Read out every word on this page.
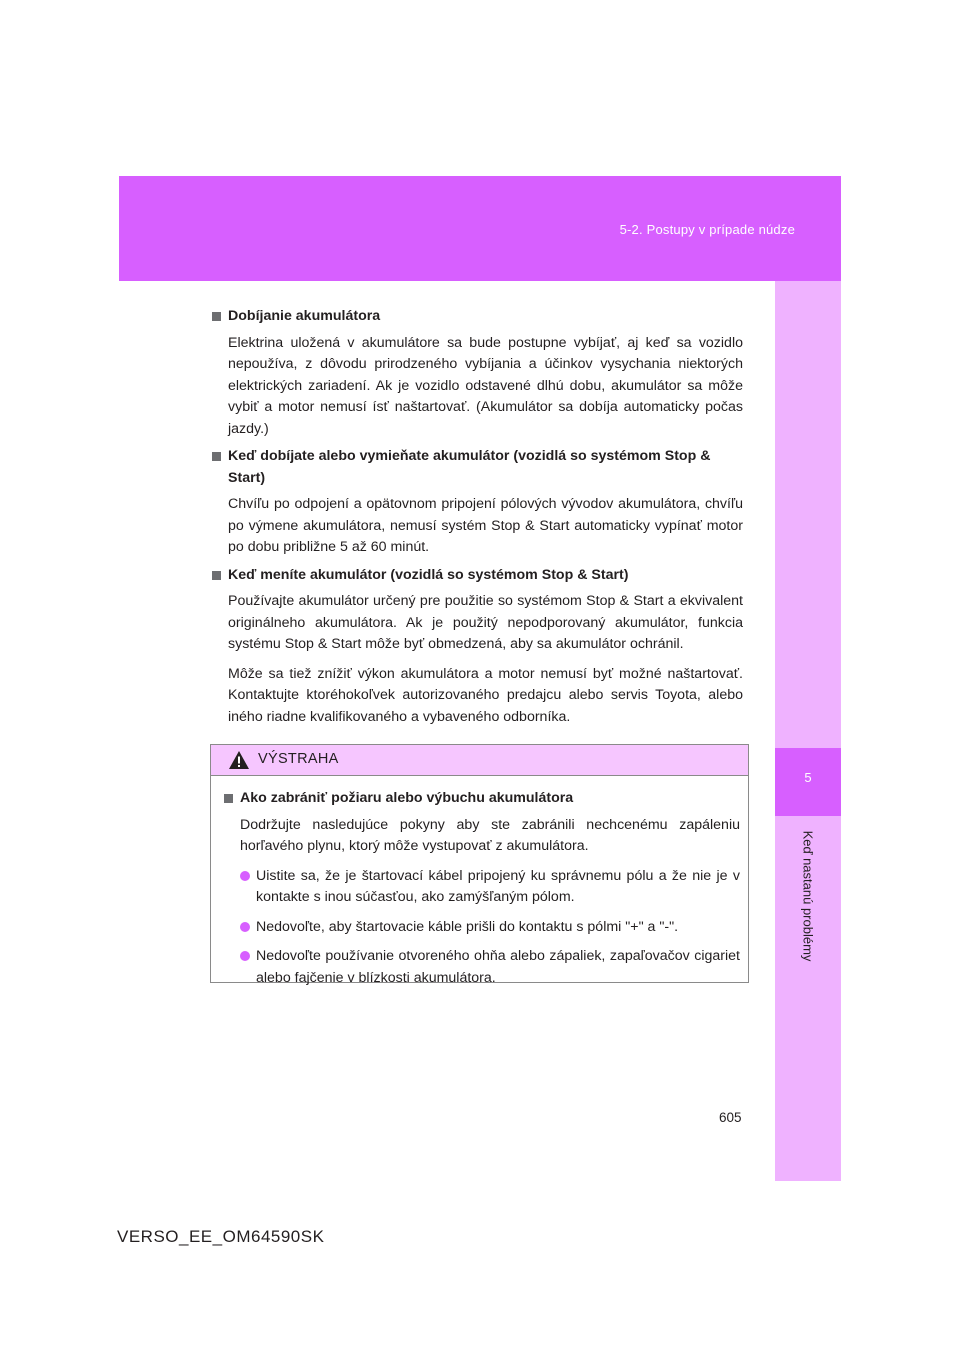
5-2. Postupy v prípade núdze
5
Keď nastanú problémy
Dobíjanie akumulátora
Elektrina uložená v akumulátore sa bude postupne vybíjať, aj keď sa vozidlo nepoužíva, z dôvodu prirodzeného vybíjania a účinkov vysychania niektorých elektrických zariadení. Ak je vozidlo odstavené dlhú dobu, akumulátor sa môže vybiť a motor nemusí ísť naštartovať. (Akumulátor sa dobíja automaticky počas jazdy.)
Keď dobíjate alebo vymieňate akumulátor (vozidlá so systémom Stop & Start)
Chvíľu po odpojení a opätovnom pripojení pólových vývodov akumulátora, chvíľu po výmene akumulátora, nemusí systém Stop & Start automaticky vypínať motor po dobu približne 5 až 60 minút.
Keď meníte akumulátor (vozidlá so systémom Stop & Start)
Používajte akumulátor určený pre použitie so systémom Stop & Start a ekvivalent originálneho akumulátora. Ak je použitý nepodporovaný akumulátor, funkcia systému Stop & Start môže byť obmedzená, aby sa akumulátor ochránil.
Môže sa tiež znížiť výkon akumulátora a motor nemusí byť možné naštartovať. Kontaktujte ktoréhokoľvek autorizovaného predajcu alebo servis Toyota, alebo iného riadne kvalifikovaného a vybaveného odborníka.
VÝSTRAHA
Ako zabrániť požiaru alebo výbuchu akumulátora
Dodržujte nasledujúce pokyny aby ste zabránili nechcenému zapáleniu horľavého plynu, ktorý môže vystupovať z akumulátora.
Uistite sa, že je štartovací kábel pripojený ku správnemu pólu a že nie je v kontakte s inou súčasťou, ako zamýšľaným pólom.
Nedovoľte, aby štartovacie káble prišli do kontaktu s pólmi "+" a "-".
Nedovoľte používanie otvoreného ohňa alebo zápaliek, zapaľovačov cigariet alebo fajčenie v blízkosti akumulátora.
605
VERSO_EE_OM64590SK
